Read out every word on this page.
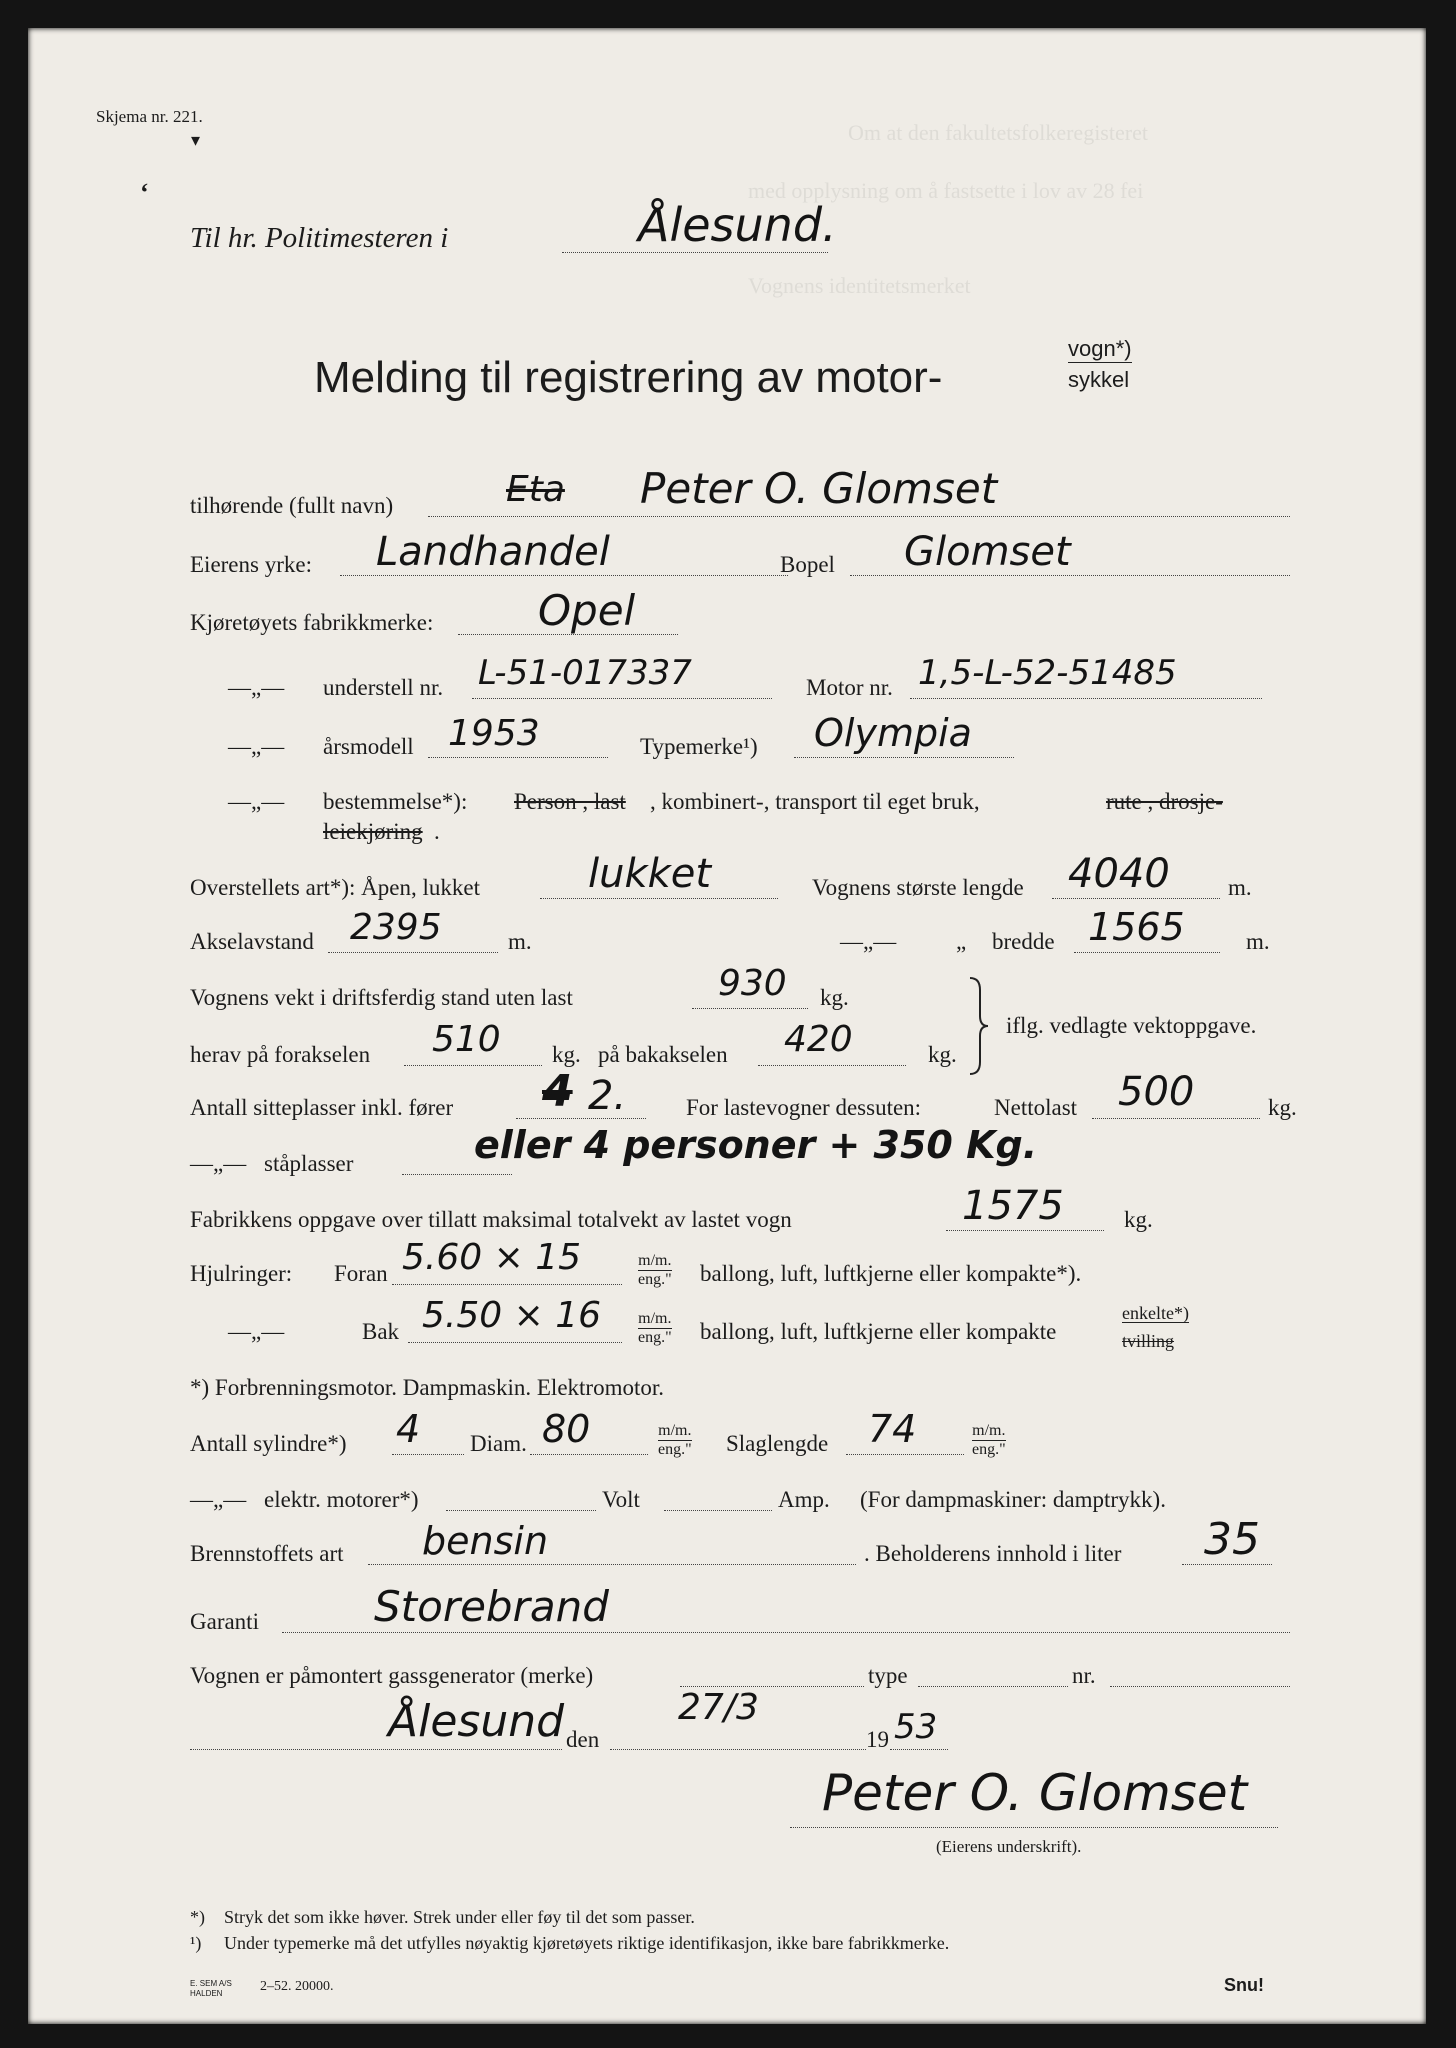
Om at den fakultetsfolkeregisteret
med opplysning om å fastsette i lov av 28 fei
Vognens identitetsmerket
Skjema nr. 221.
▾
ʻ
Til hr. Politimesteren i	Ålesund.
Melding til registrering av motor-
vogn*)
sykkel
tilhørende (fullt navn)	Eta Peter O. Glomset
Eierens yrke: Landhandel	Bopel Glomset
Kjøretøyets fabrikkmerke: Opel
—„— understell nr. L-51-017337	Motor nr. 1,5-L-52-51485
—„— årsmodell 1953	Typemerke¹) Olympia
—„— bestemmelse*): Person , last , kombinert-, transport til eget bruk,	rute , drosje-
leiekjøring .
Overstellets art*): Åpen, lukket	lukket	Vognens største lengde 4040	m.
Akselavstand 2395	m.	—„—	„ bredde 1565	m.
Vognens vekt i driftsferdig stand uten last	930 kg.
herav på forakselen 510 kg. på bakakselen 420	kg.
iflg. vedlagte vektoppgave.
Antall sitteplasser inkl. fører 4 2.	For lastevogner dessuten:	Nettolast 500	kg.
—„— ståplasser	eller 4 personer + 350 Kg.
Fabrikkens oppgave over tillatt maksimal totalvekt av lastet vogn	1575	kg.
Hjulringer: Foran 5.60 × 15	m/m.
eng." ballong, luft, luftkjerne eller kompakte*).
—„—	Bak 5.50 × 16 m/m.
eng." ballong, luft, luftkjerne eller kompakte
enkelte*)
tvilling
*) Forbrenningsmotor. Dampmaskin. Elektromotor.
Antall sylindre*) 4 Diam. 80	m/m.
eng." Slaglengde 74	m/m.
eng."
—„— elektr. motorer*)	Volt	Amp. (For dampmaskiner: damptrykk).
Brennstoffets art bensin	. Beholderens innhold i liter 35
Garanti	Storebrand
Vognen er påmontert gassgenerator (merke)	type	nr.
Ålesund den
27/3
19 53
Peter O. Glomset
(Eierens underskrift).
*) Stryk det som ikke høver. Strek under eller føy til det som passer.
¹) Under typemerke må det utfylles nøyaktig kjøretøyets riktige identifikasjon, ikke bare fabrikkmerke.
E. SEM A/S
HALDEN	2–52. 20000.	Snu!
